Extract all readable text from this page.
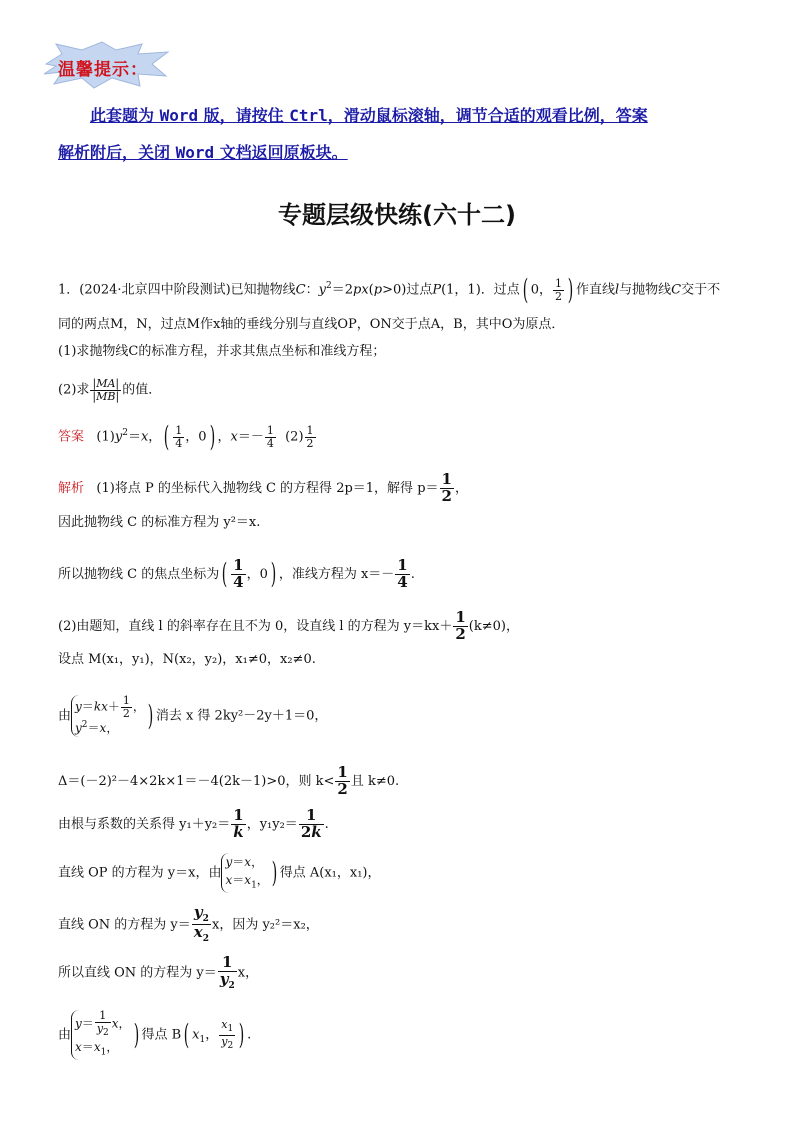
温馨提示：
此套题为 Word 版，请按住 Ctrl，滑动鼠标滚轴，调节合适的观看比例，答案
解析附后，关闭 Word 文档返回原板块。
专题层级快练(六十二)
1．(2024·北京四中阶段测试)已知抛物线C：$y^2=2px(p>0)$过点P(1，1)．过点( 0， $\frac{1}{2}$ ) 作直线l与抛物线C交于不
同的两点M，N，过点M作x轴的垂线分别与直线OP，ON交于点A，B，其中O为原点．
(1)求抛物线C的标准方程，并求其焦点坐标和准线方程；
(2)求 $\frac{|MA|}{|MB|}$ 的值．
答案 $(1)y^2=x$，( $\frac{1}{4}$ ，0) ，$x=- \frac{1}{4} (2) \frac{1}{2}$
解析 (1)将点 P 的坐标代入抛物线 C 的方程得 2p＝1，解得 $p= \frac{1}{2}$ ，
因此抛物线 C 的标准方程为 y²＝x.
所以抛物线 C 的焦点坐标为( $\frac{1}{4}$ ，0) ，准线方程为 $x=- \frac{1}{4}$ .
(2)由题知，直线 l 的斜率存在且不为 0，设直线 l 的方程为 $y=kx+ \frac{1}{2} (k\ne 0)$，
设点 M(x₁，y₁)，N(x₂，y₂)，x₁≠0，x₂≠0.
由$y=kx+ \frac{1}{2}$ ，
$y^2=x$， ) 消去 x 得 2ky²－2y＋1＝0，
Δ＝(－2)²－4×2k×1＝－4(2k－1)>0，则 $k< \frac{1}{2}$ 且 k≠0.
由根与系数的关系得 $y_1+y_2= \frac{1}{k}$ ，$y_1y_2= \frac{1}{2k}$ .
直线 OP 的方程为 y＝x，由y＝x，
$x=x_1$，) 得点 A(x₁，x₁)，
直线 ON 的方程为 $y= \frac{y_2}{x_2}$ x，因为 y₂²＝x₂，
所以直线 ON 的方程为 $y= \frac{1}{y_2}$ x，
由$y= \frac{1}{y_2}$ x，
$x=x_1$， ) 得点 B( $x_1$， $\frac{x_1}{y_2}$ ) .
